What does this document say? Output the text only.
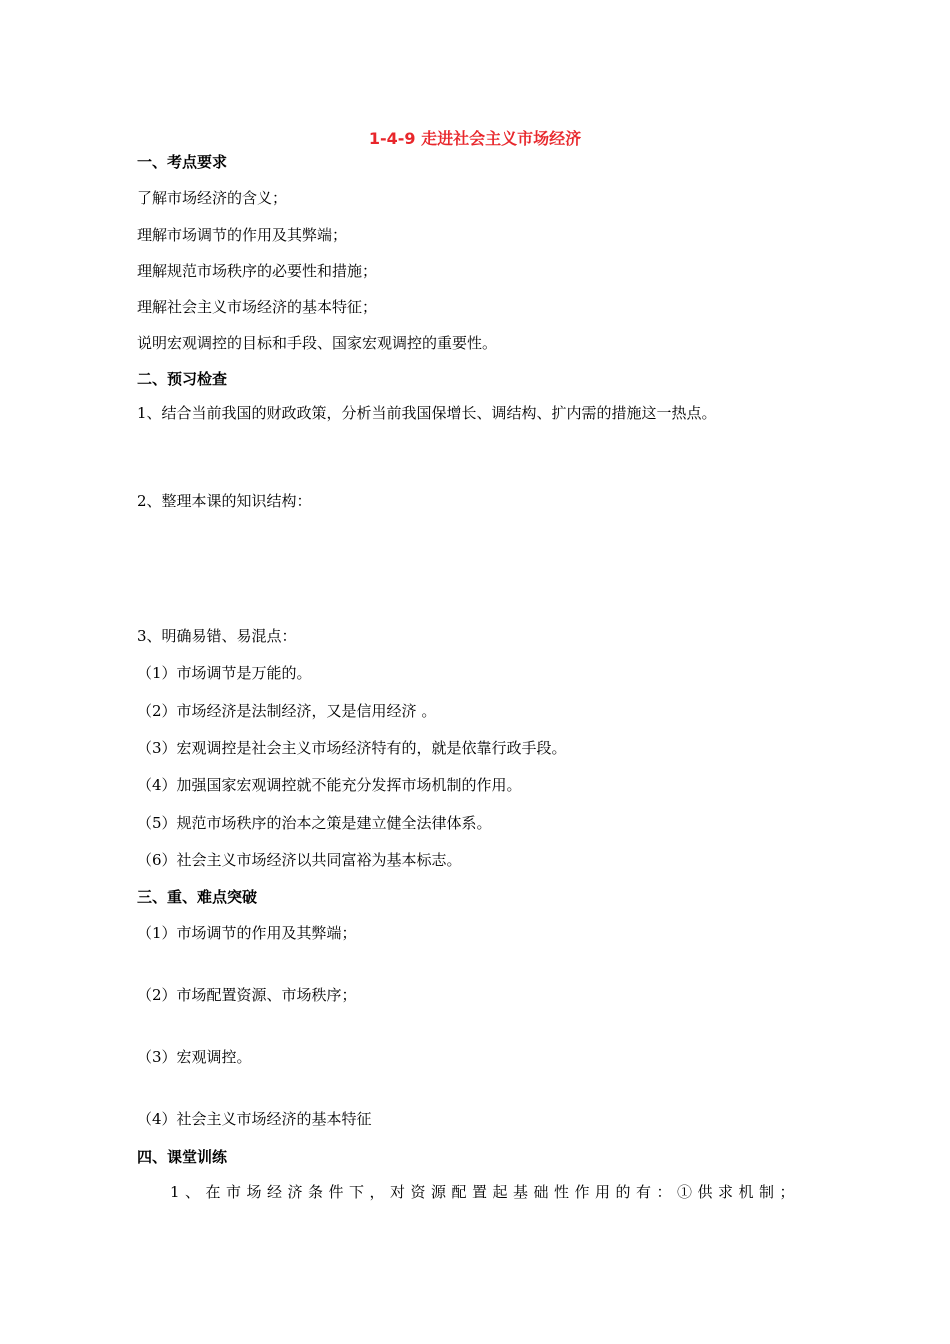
1-4-9 走进社会主义市场经济
一、考点要求
了解市场经济的含义；
理解市场调节的作用及其弊端；
理解规范市场秩序的必要性和措施；
理解社会主义市场经济的基本特征；
说明宏观调控的目标和手段、国家宏观调控的重要性。
二、预习检查
1、结合当前我国的财政政策，分析当前我国保增长、调结构、扩内需的措施这一热点。
2、整理本课的知识结构：
3、明确易错、易混点：
（1）市场调节是万能的。
（2）市场经济是法制经济，又是信用经济 。
（3）宏观调控是社会主义市场经济特有的，就是依靠行政手段。
（4）加强国家宏观调控就不能充分发挥市场机制的作用。
（5）规范市场秩序的治本之策是建立健全法律体系。
（6）社会主义市场经济以共同富裕为基本标志。
三、重、难点突破
（1）市场调节的作用及其弊端；
（2）市场配置资源、市场秩序；
（3）宏观调控。
（4）社会主义市场经济的基本特征
四、课堂训练
1、在市场经济条件下，对资源配置起基础性作用的有：①供求机制；
